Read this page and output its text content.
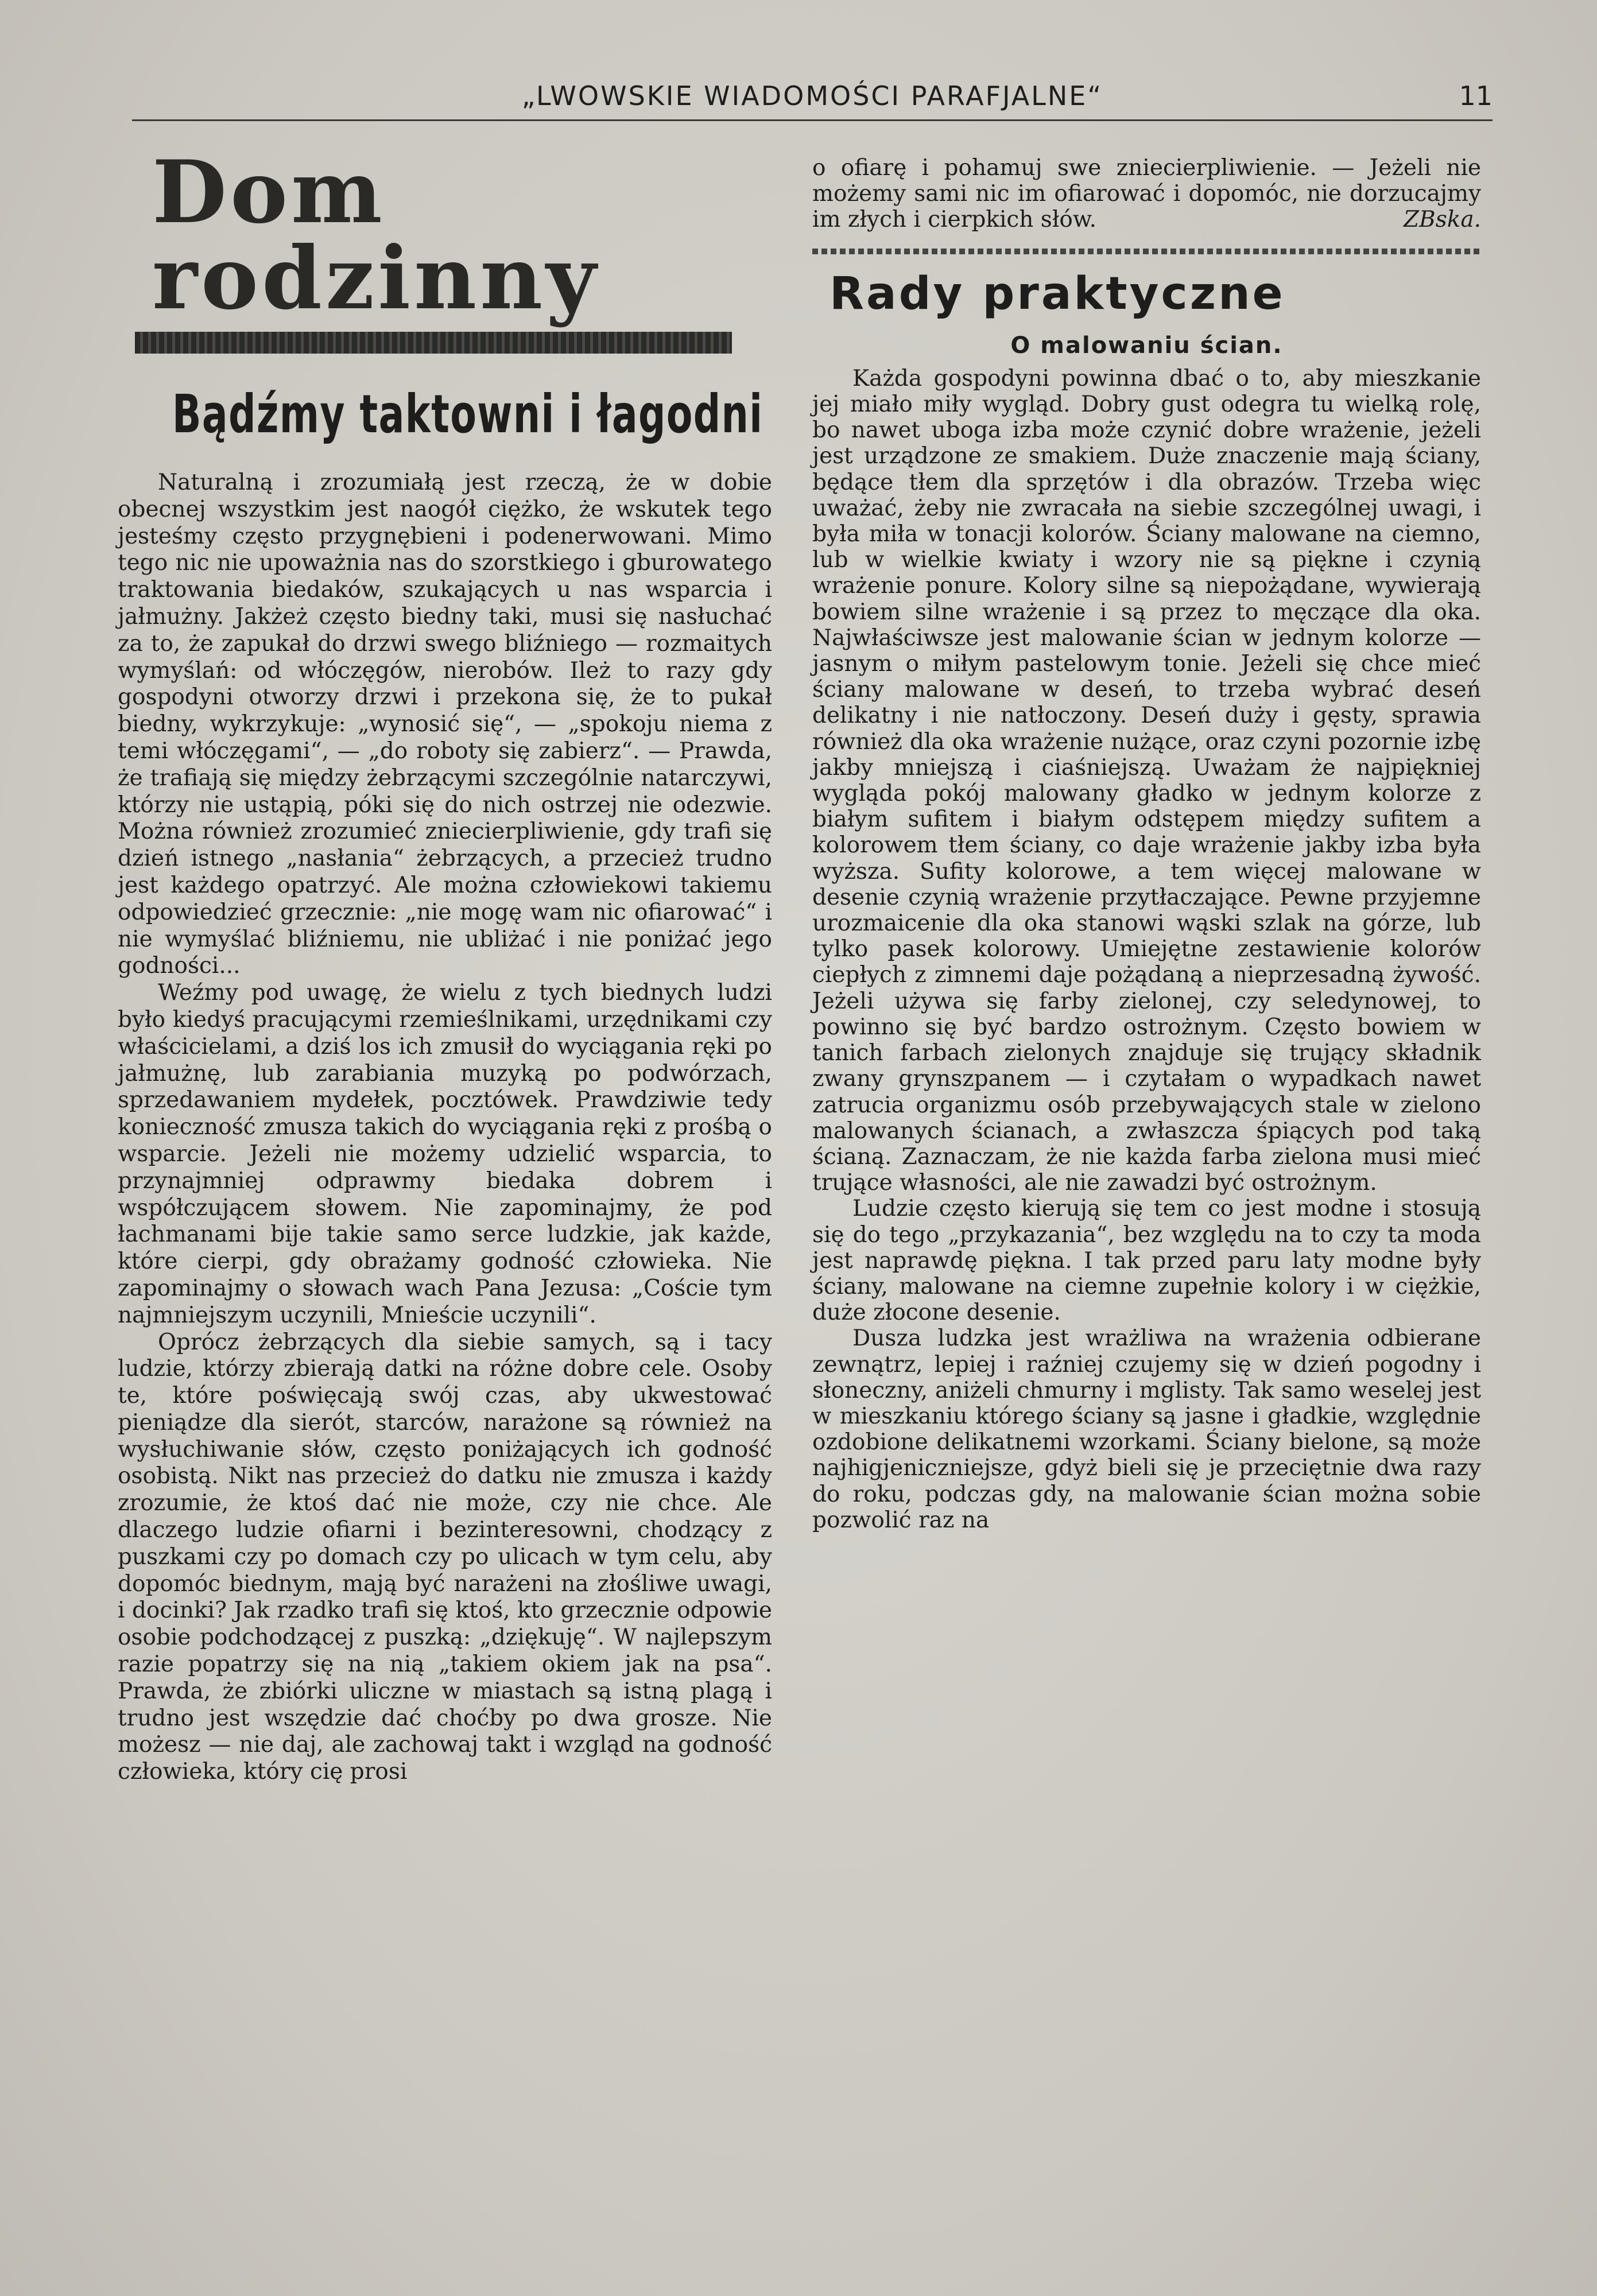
„LWOWSKIE WIADOMOŚCI PARAFJALNE“	11
Dom rodzinny
Bądźmy taktowni i łagodni

Naturalną i zrozumiałą jest rzeczą, że w dobie obecnej wszystkim jest naogół ciężko, że wskutek tego jesteśmy często przygnębieni i podenerwowani. Mimo tego nic nie upoważnia nas do szorstkiego i gburowatego traktowania biedaków, szukających u nas wsparcia i jałmużny. Jakżeż często biedny taki, musi się nasłuchać za to, że zapukał do drzwi swego bliźniego — rozmaitych wymyślań: od włóczęgów, nierobów. Ileż to razy gdy gospodyni otworzy drzwi i przekona się, że to pukał biedny, wykrzykuje: „wynosić się“, — „spokoju niema z temi włóczęgami“, — „do roboty się zabierz“. — Prawda, że trafiają się między żebrzącymi szczególnie natarczywi, którzy nie ustąpią, póki się do nich ostrzej nie odezwie. Można również zrozumieć zniecierpliwienie, gdy trafi się dzień istnego „nasłania“ żebrzących, a przecież trudno jest każdego opatrzyć. Ale można człowiekowi takiemu odpowiedzieć grzecznie: „nie mogę wam nic ofiarować“ i nie wymyślać bliźniemu, nie ubliżać i nie poniżać jego godności...

Weźmy pod uwagę, że wielu z tych biednych ludzi było kiedyś pracującymi rzemieślnikami, urzędnikami czy właścicielami, a dziś los ich zmusił do wyciągania ręki po jałmużnę, lub zarabiania muzyką po podwórzach, sprzedawaniem mydełek, pocztówek. Prawdziwie tedy konieczność zmusza takich do wyciągania ręki z prośbą o wsparcie. Jeżeli nie możemy udzielić wsparcia, to przynajmniej odprawmy biedaka dobrem i współczującem słowem. Nie zapominajmy, że pod łachmanami bije takie samo serce ludzkie, jak każde, które cierpi, gdy obrażamy godność człowieka. Nie zapominajmy o słowach wach Pana Jezusa: „Coście tym najmniejszym uczynili, Mnieście uczynili“.

Oprócz żebrzących dla siebie samych, są i tacy ludzie, którzy zbierają datki na różne dobre cele. Osoby te, które poświęcają swój czas, aby ukwestować pieniądze dla sierót, starców, narażone są również na wysłuchiwanie słów, często poniżających ich godność osobistą. Nikt nas przecież do datku nie zmusza i każdy zrozumie, że ktoś dać nie może, czy nie chce. Ale dlaczego ludzie ofiarni i bezinteresowni, chodzący z puszkami czy po domach czy po ulicach w tym celu, aby dopomóc biednym, mają być narażeni na złośliwe uwagi, i docinki? Jak rzadko trafi się ktoś, kto grzecznie odpowie osobie podchodzącej z puszką: „dziękuję“. W najlepszym razie popatrzy się na nią „takiem okiem jak na psa“. Prawda, że zbiórki uliczne w miastach są istną plagą i trudno jest wszędzie dać choćby po dwa grosze. Nie możesz — nie daj, ale zachowaj takt i wzgląd na godność człowieka, który cię prosi

o ofiarę i pohamuj swe zniecierpliwienie. — Jeżeli nie możemy sami nic im ofiarować i dopomóc, nie dorzucajmy im złych i cierpkich słów.	ZBska.
Rady praktyczne
O malowaniu ścian.

Każda gospodyni powinna dbać o to, aby mieszkanie jej miało miły wygląd. Dobry gust odegra tu wielką rolę, bo nawet uboga izba może czynić dobre wrażenie, jeżeli jest urządzone ze smakiem. Duże znaczenie mają ściany, będące tłem dla sprzętów i dla obrazów. Trzeba więc uważać, żeby nie zwracała na siebie szczególnej uwagi, i była miła w tonacji kolorów. Ściany malowane na ciemno, lub w wielkie kwiaty i wzory nie są piękne i czynią wrażenie ponure. Kolory silne są niepożądane, wywierają bowiem silne wrażenie i są przez to męczące dla oka. Najwłaściwsze jest malowanie ścian w jednym kolorze — jasnym o miłym pastelowym tonie. Jeżeli się chce mieć ściany malowane w deseń, to trzeba wybrać deseń delikatny i nie natłoczony. Deseń duży i gęsty, sprawia również dla oka wrażenie nużące, oraz czyni pozornie izbę jakby mniejszą i ciaśniejszą. Uważam że najpiękniej wygląda pokój malowany gładko w jednym kolorze z białym sufitem i białym odstępem między sufitem a kolorowem tłem ściany, co daje wrażenie jakby izba była wyższa. Sufity kolorowe, a tem więcej malowane w desenie czynią wrażenie przytłaczające. Pewne przyjemne urozmaicenie dla oka stanowi wąski szlak na górze, lub tylko pasek kolorowy. Umiejętne zestawienie kolorów ciepłych z zimnemi daje pożądaną a nieprzesadną żywość. Jeżeli używa się farby zielonej, czy seledynowej, to powinno się być bardzo ostrożnym. Często bowiem w tanich farbach zielonych znajduje się trujący składnik zwany grynszpanem — i czytałam o wypadkach nawet zatrucia organizmu osób przebywających stale w zielono malowanych ścianach, a zwłaszcza śpiących pod taką ścianą. Zaznaczam, że nie każda farba zielona musi mieć trujące własności, ale nie zawadzi być ostrożnym.

Ludzie często kierują się tem co jest modne i stosują się do tego „przykazania“, bez względu na to czy ta moda jest naprawdę piękna. I tak przed paru laty modne były ściany, malowane na ciemne zupełnie kolory i w ciężkie, duże złocone desenie.

Dusza ludzka jest wrażliwa na wrażenia odbierane zewnątrz, lepiej i raźniej czujemy się w dzień pogodny i słoneczny, aniżeli chmurny i mglisty. Tak samo weselej jest w mieszkaniu którego ściany są jasne i gładkie, względnie ozdobione delikatnemi wzorkami. Ściany bielone, są może najhigjeniczniejsze, gdyż bieli się je przeciętnie dwa razy do roku, podczas gdy, na malowanie ścian można sobie pozwolić raz na
